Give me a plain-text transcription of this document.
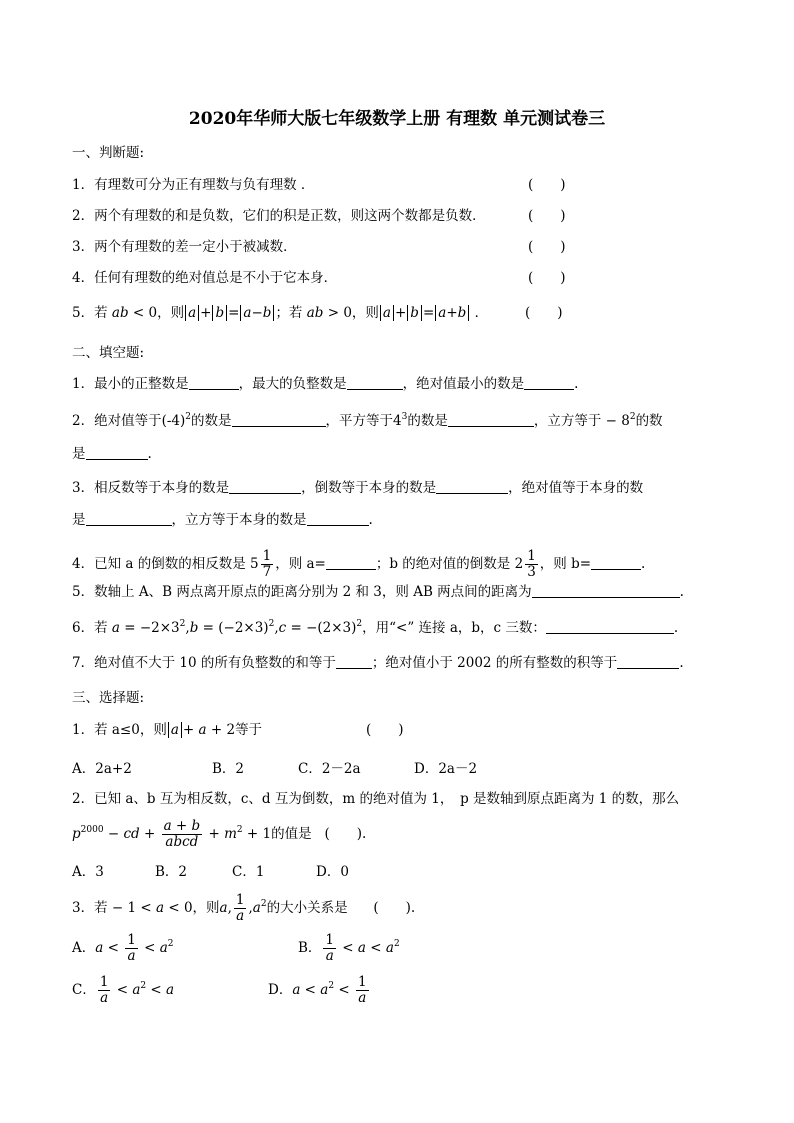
2020年华师大版七年级数学上册 有理数 单元测试卷三
一、判断题:
1．有理数可分为正有理数与负有理数 ．	(　　)
2．两个有理数的和是负数，它们的积是正数，则这两个数都是负数．	(　　)
3．两个有理数的差一定小于被减数．	(　　)
4．任何有理数的绝对值总是不小于它本身．	(　　)
5．若 ab < 0，则 a + b = a−b ；若 ab > 0，则 a + b = a+b ．	(　　)
二、填空题:
1．最小的正整数是	，最大的负整数是	，绝对值最小的数是	.
2．绝对值等于$(-4)^2$的数是	，平方等于$4^3$的数是	，立方等于 − $8^2$的数
是	.
3．相反数等于本身的数是	，倒数等于本身的数是	，绝对值等于本身的数
是	，立方等于本身的数是	.
4．已知 a 的倒数的相反数是 $5 \frac{1}{7}$ ，则 a=	；b 的绝对值的倒数是 $2 \frac{1}{3}$ ，则 b=	.
5．数轴上 A、B 两点离开原点的距离分别为 2 和 3，则 AB 两点间的距离为	.
6．若 $a = -2\times 3^2,b = (-2\times 3)^2,c = -(2\times 3)^2$，用“<” 连接 a，b，c 三数：	.
7．绝对值不大于 10 的所有负整数的和等于	；绝对值小于 2002 的所有整数的积等于	.
三、选择题:
1．若 a≤0，则 a + a + 2等于	(　　)
A．2a+2	B．2	C．2－2a	D．2a－2
2．已知 a、b 互为相反数，c、d 互为倒数，m 的绝对值为 1，　p 是数轴到原点距离为 1 的数，那么
$p^{2000}$ − cd + a + b
abcd + $m^2 + 1$的值是 (　　).
A．3	B．2	C．1	D．0
3．若 − 1 < a < 0，则a, $\frac{1}{a} ,a^2$的大小关系是 (　　).
A．$a < \frac{1}{a} < a^2$	B． $\frac{1}{a} < a < a^2$
C． $\frac{1}{a} < a^2 < a$	D．$a < a^2 < \frac{1}{a}$
